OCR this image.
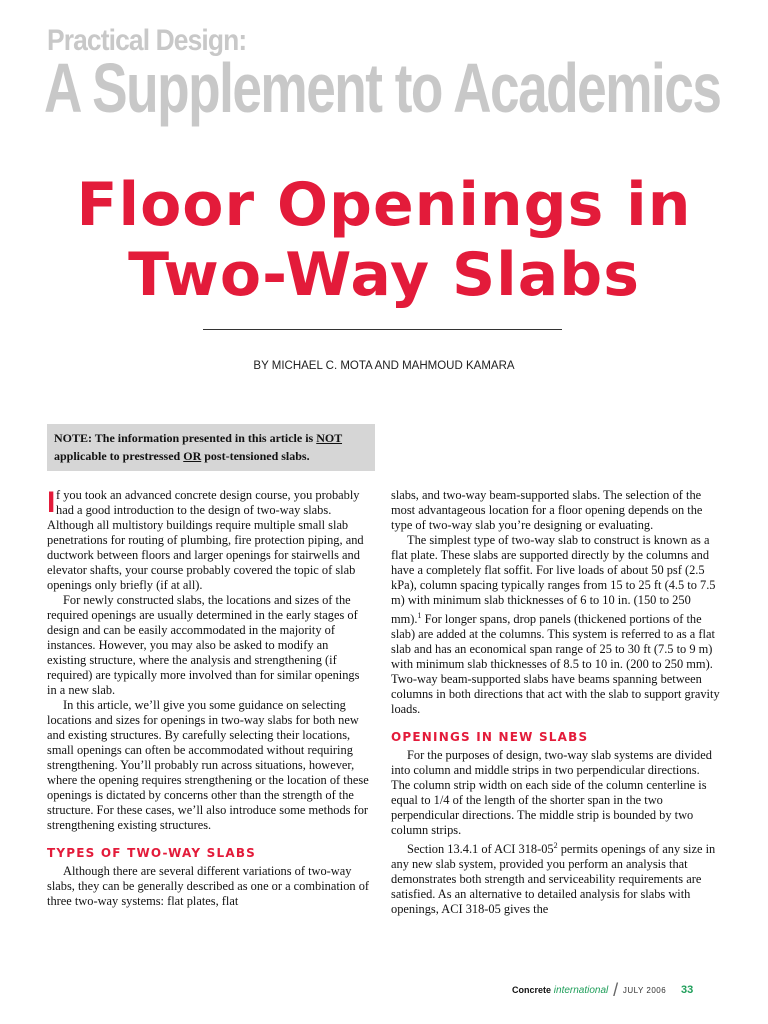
Practical Design:
A Supplement to Academics
Floor Openings in
Two-Way Slabs
BY MICHAEL C. MOTA AND MAHMOUD KAMARA
NOTE: The information presented in this article is NOT applicable to prestressed OR post-tensioned slabs.

If you took an advanced concrete design course, you probably had a good introduction to the design of two-way slabs. Although all multistory buildings require multiple small slab penetrations for routing of plumbing, fire protection piping, and ductwork between floors and larger openings for stairwells and elevator shafts, your course probably covered the topic of slab openings only briefly (if at all).

For newly constructed slabs, the locations and sizes of the required openings are usually determined in the early stages of design and can be easily accommodated in the majority of instances. However, you may also be asked to modify an existing structure, where the analysis and strengthening (if required) are typically more involved than for similar openings in a new slab.

In this article, we’ll give you some guidance on selecting locations and sizes for openings in two-way slabs for both new and existing structures. By carefully selecting their locations, small openings can often be accommodated without requiring strengthening. You’ll probably run across situations, however, where the opening requires strengthening or the location of these openings is dictated by concerns other than the strength of the structure. For these cases, we’ll also introduce some methods for strengthening existing structures.

TYPES OF TWO-WAY SLABS

Although there are several different variations of two-way slabs, they can be generally described as one or a combination of three two-way systems: flat plates, flat

slabs, and two-way beam-supported slabs. The selection of the most advantageous location for a floor opening depends on the type of two-way slab you’re designing or evaluating.

The simplest type of two-way slab to construct is known as a flat plate. These slabs are supported directly by the columns and have a completely flat soffit. For live loads of about 50 psf (2.5 kPa), column spacing typically ranges from 15 to 25 ft (4.5 to 7.5 m) with minimum slab thicknesses of 6 to 10 in. (150 to 250 mm).$^1$ For longer spans, drop panels (thickened portions of the slab) are added at the columns. This system is referred to as a flat slab and has an economical span range of 25 to 30 ft (7.5 to 9 m) with minimum slab thicknesses of 8.5 to 10 in. (200 to 250 mm). Two-way beam-supported slabs have beams spanning between columns in both directions that act with the slab to support gravity loads.

OPENINGS IN NEW SLABS

For the purposes of design, two-way slab systems are divided into column and middle strips in two perpendicular directions. The column strip width on each side of the column centerline is equal to 1/4 of the length of the shorter span in the two perpendicular directions. The middle strip is bounded by two column strips.

Section 13.4.1 of ACI $318-05^2$ permits openings of any size in any new slab system, provided you perform an analysis that demonstrates both strength and serviceability requirements are satisfied. As an alternative to detailed analysis for slabs with openings, ACI 318-05 gives the

Concrete international / JULY 2006 33
